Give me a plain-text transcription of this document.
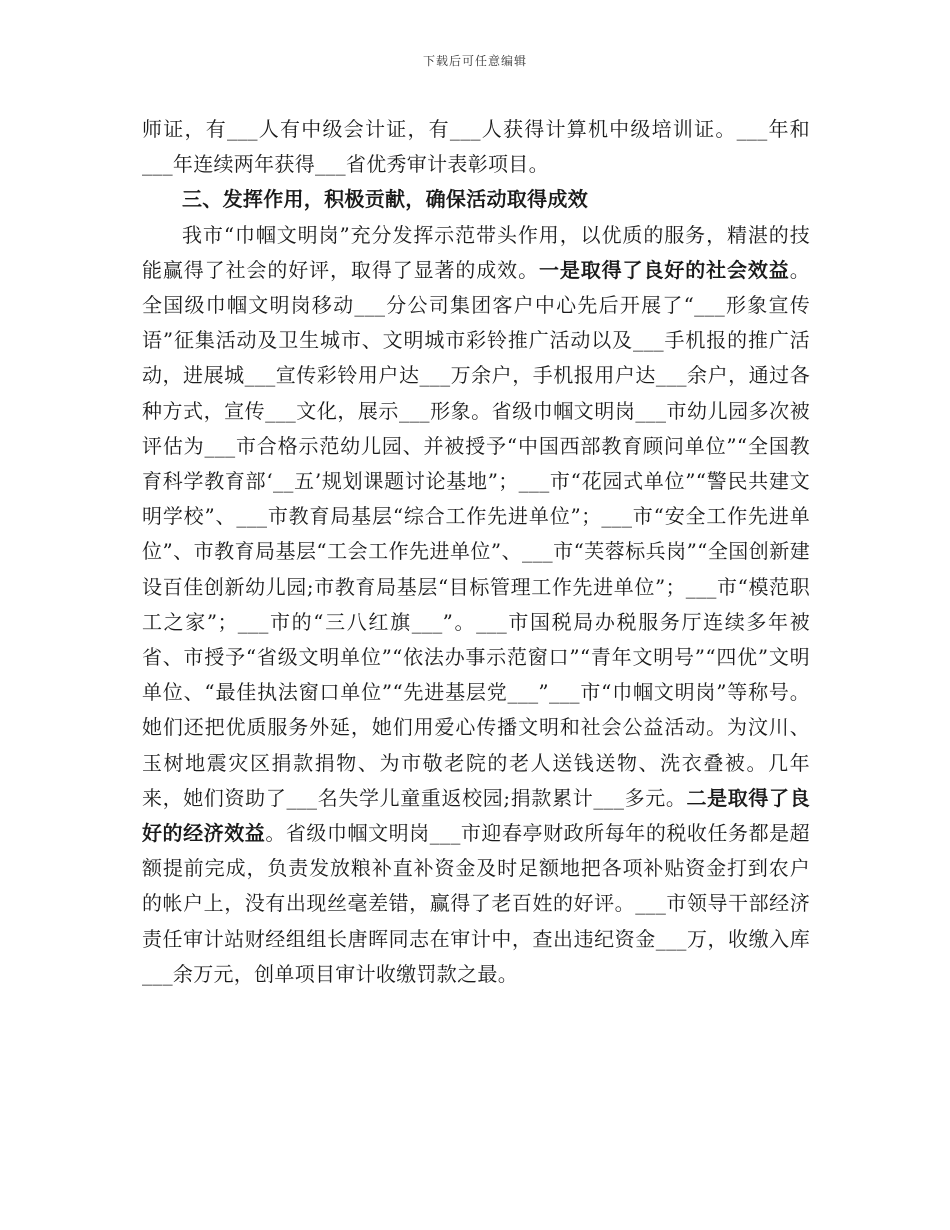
下载后可任意编辑

师证，有___人有中级会计证，有___人获得计算机中级培训证。___年和___年连续两年获得___省优秀审计表彰项目。

三、发挥作用，积极贡献，确保活动取得成效

我市“巾帼文明岗”充分发挥示范带头作用，以优质的服务，精湛的技能赢得了社会的好评，取得了显著的成效。一是取得了良好的社会效益。全国级巾帼文明岗移动___分公司集团客户中心先后开展了“___形象宣传语”征集活动及卫生城市、文明城市彩铃推广活动以及___手机报的推广活动，进展城___宣传彩铃用户达___万余户，手机报用户达___余户，通过各种方式，宣传___文化，展示___形象。省级巾帼文明岗___市幼儿园多次被评估为___市合格示范幼儿园、并被授予“中国西部教育顾问单位”“全国教育科学教育部‘__五’规划课题讨论基地”；___市“花园式单位”“警民共建文明学校”、___市教育局基层“综合工作先进单位”；___市“安全工作先进单位”、市教育局基层“工会工作先进单位”、___市“芙蓉标兵岗”“全国创新建设百佳创新幼儿园;市教育局基层“目标管理工作先进单位”；___市“模范职工之家”；___市的“三八红旗___”。___市国税局办税服务厅连续多年被省、市授予“省级文明单位”“依法办事示范窗口”“青年文明号”“四优”文明单位、“最佳执法窗口单位”“先进基层党___”___市“巾帼文明岗”等称号。她们还把优质服务外延，她们用爱心传播文明和社会公益活动。为汶川、玉树地震灾区捐款捐物、为市敬老院的老人送钱送物、洗衣叠被。几年来，她们资助了___名失学儿童重返校园;捐款累计___多元。二是取得了良好的经济效益。省级巾帼文明岗___市迎春亭财政所每年的税收任务都是超额提前完成，负责发放粮补直补资金及时足额地把各项补贴资金打到农户的帐户上，没有出现丝毫差错，赢得了老百姓的好评。___市领导干部经济责任审计站财经组组长唐晖同志在审计中，查出违纪资金___万，收缴入库___余万元，创单项目审计收缴罚款之最。
